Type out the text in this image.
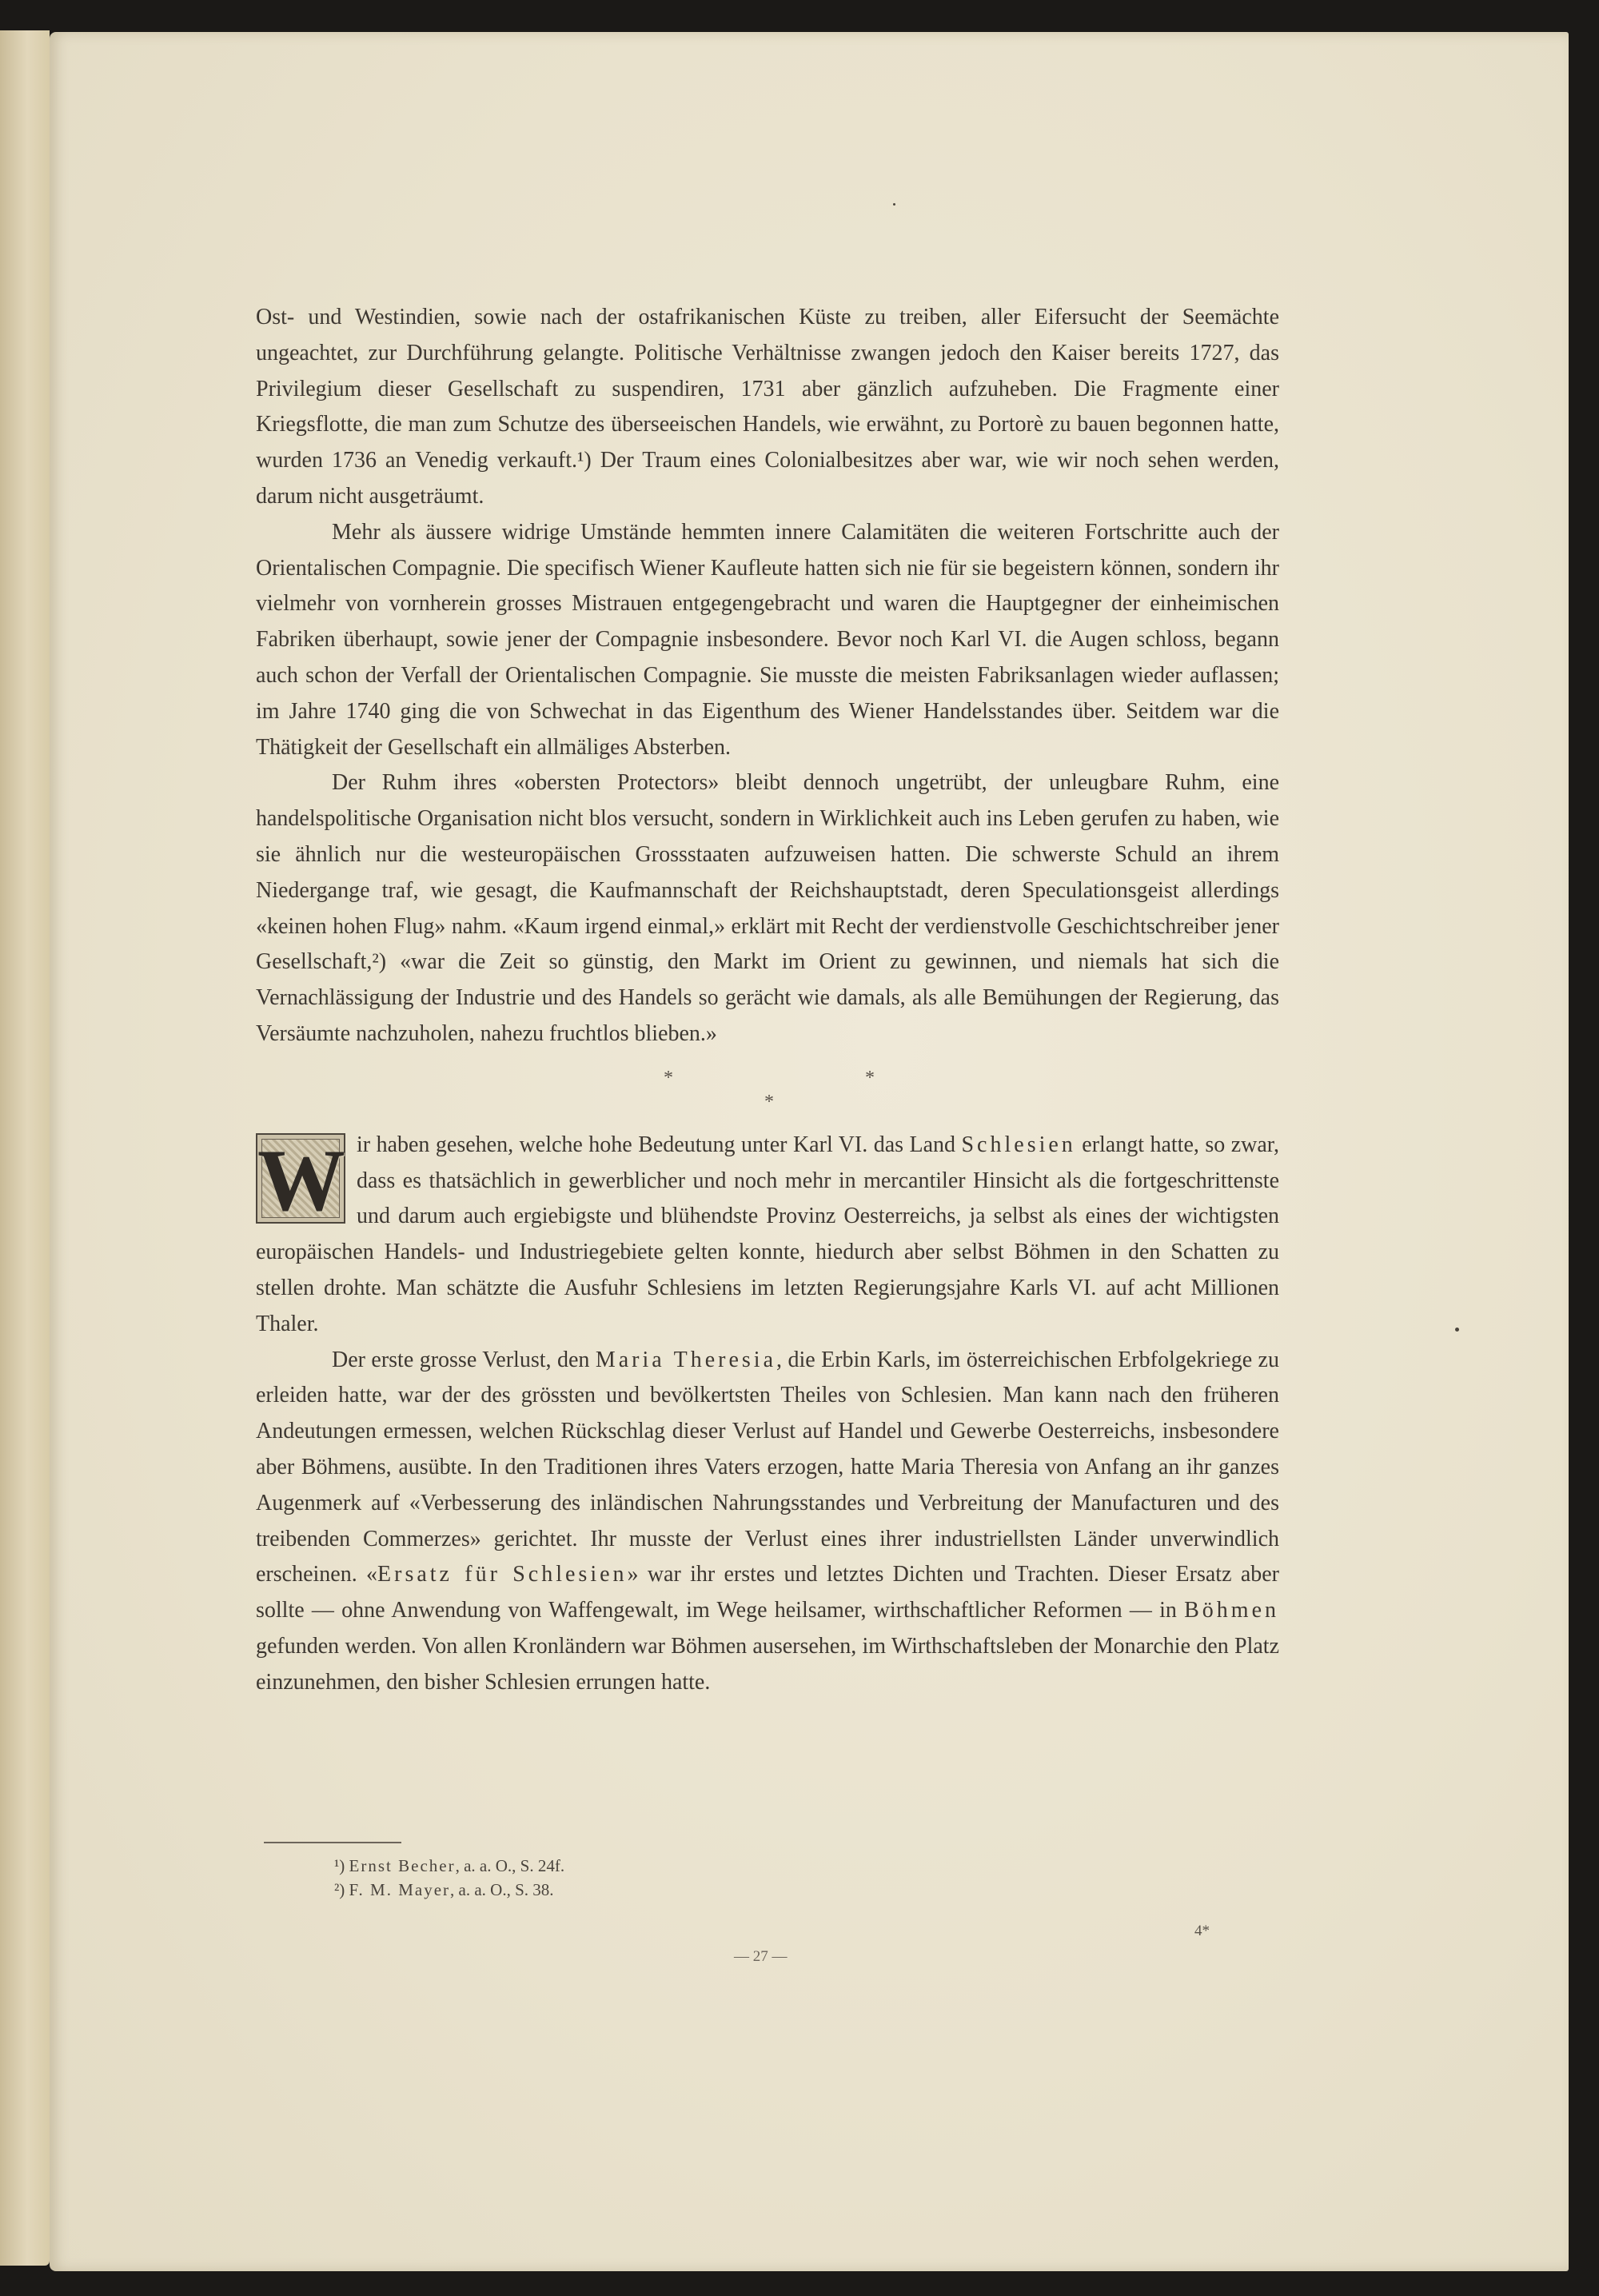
Ost- und Westindien, sowie nach der ostafrikanischen Küste zu treiben, aller Eifersucht der Seemächte ungeachtet, zur Durchführung gelangte. Politische Verhältnisse zwangen jedoch den Kaiser bereits 1727, das Privilegium dieser Gesellschaft zu suspendiren, 1731 aber gänzlich aufzuheben. Die Fragmente einer Kriegsflotte, die man zum Schutze des überseeischen Handels, wie erwähnt, zu Portorè zu bauen begonnen hatte, wurden 1736 an Venedig verkauft.¹) Der Traum eines Colonialbesitzes aber war, wie wir noch sehen werden, darum nicht ausgeträumt.

Mehr als äussere widrige Umstände hemmten innere Calamitäten die weiteren Fortschritte auch der Orientalischen Compagnie. Die specifisch Wiener Kaufleute hatten sich nie für sie begeistern können, sondern ihr vielmehr von vornherein grosses Mistrauen entgegengebracht und waren die Hauptgegner der einheimischen Fabriken überhaupt, sowie jener der Compagnie insbesondere. Bevor noch Karl VI. die Augen schloss, begann auch schon der Verfall der Orientalischen Compagnie. Sie musste die meisten Fabriksanlagen wieder auflassen; im Jahre 1740 ging die von Schwechat in das Eigenthum des Wiener Handelsstandes über. Seitdem war die Thätigkeit der Gesellschaft ein allmäliges Absterben.

Der Ruhm ihres «obersten Protectors» bleibt dennoch ungetrübt, der unleugbare Ruhm, eine handelspolitische Organisation nicht blos versucht, sondern in Wirklichkeit auch ins Leben gerufen zu haben, wie sie ähnlich nur die westeuropäischen Grossstaaten aufzuweisen hatten. Die schwerste Schuld an ihrem Niedergange traf, wie gesagt, die Kaufmannschaft der Reichshauptstadt, deren Speculationsgeist allerdings «keinen hohen Flug» nahm. «Kaum irgend einmal,» erklärt mit Recht der verdienstvolle Geschichtschreiber jener Gesellschaft,²) «war die Zeit so günstig, den Markt im Orient zu gewinnen, und niemals hat sich die Vernachlässigung der Industrie und des Handels so gerächt wie damals, als alle Bemühungen der Regierung, das Versäumte nachzuholen, nahezu fruchtlos blieben.»

*	*
*

W ir haben gesehen, welche hohe Bedeutung unter Karl VI. das Land Schlesien erlangt hatte, so zwar, dass es thatsächlich in gewerblicher und noch mehr in mercantiler Hinsicht als die fortgeschrittenste und darum auch ergiebigste und blühendste Provinz Oesterreichs, ja selbst als eines der wichtigsten europäischen Handels- und Industriegebiete gelten konnte, hiedurch aber selbst Böhmen in den Schatten zu stellen drohte. Man schätzte die Ausfuhr Schlesiens im letzten Regierungsjahre Karls VI. auf acht Millionen Thaler.

Der erste grosse Verlust, den Maria Theresia, die Erbin Karls, im österreichischen Erbfolgekriege zu erleiden hatte, war der des grössten und bevölkertsten Theiles von Schlesien. Man kann nach den früheren Andeutungen ermessen, welchen Rückschlag dieser Verlust auf Handel und Gewerbe Oesterreichs, insbesondere aber Böhmens, ausübte. In den Traditionen ihres Vaters erzogen, hatte Maria Theresia von Anfang an ihr ganzes Augenmerk auf «Verbesserung des inländischen Nahrungsstandes und Verbreitung der Manufacturen und des treibenden Commerzes» gerichtet. Ihr musste der Verlust eines ihrer industriellsten Länder unverwindlich erscheinen. «Ersatz für Schlesien» war ihr erstes und letztes Dichten und Trachten. Dieser Ersatz aber sollte — ohne Anwendung von Waffengewalt, im Wege heilsamer, wirthschaftlicher Reformen — in Böhmen gefunden werden. Von allen Kronländern war Böhmen ausersehen, im Wirthschaftsleben der Monarchie den Platz einzunehmen, den bisher Schlesien errungen hatte.

¹) Ernst Becher, a. a. O., S. 24f.

²) F. M. Mayer, a. a. O., S. 38.

4*
— 27 —
